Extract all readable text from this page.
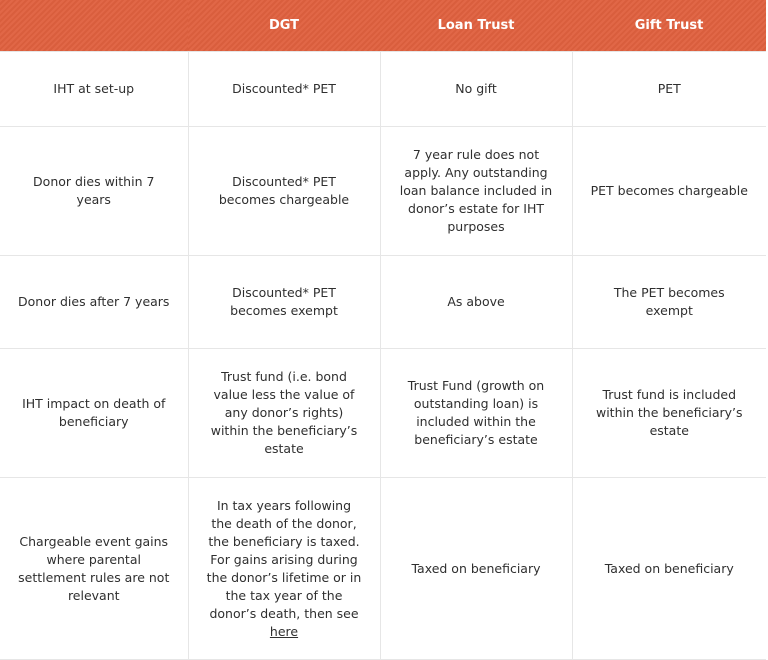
	DGT	Loan Trust	Gift Trust
IHT at set-up	Discounted* PET	No gift	PET
Donor dies within 7 years	Discounted* PET becomes chargeable	7 year rule does not apply. Any outstanding loan balance included in donor’s estate for IHT purposes	PET becomes chargeable
Donor dies after 7 years	Discounted* PET becomes exempt	As above	The PET becomes exempt
IHT impact on death of beneficiary	Trust fund (i.e. bond value less the value of any donor’s rights) within the beneficiary’s estate	Trust Fund (growth on outstanding loan) is included within the beneficiary’s estate	Trust fund is included within the beneficiary’s estate
Chargeable event gains where parental settlement rules are not relevant	In tax years following the death of the donor, the beneficiary is taxed. For gains arising during the donor’s lifetime or in the tax year of the donor’s death, then see here	Taxed on beneficiary	Taxed on beneficiary
